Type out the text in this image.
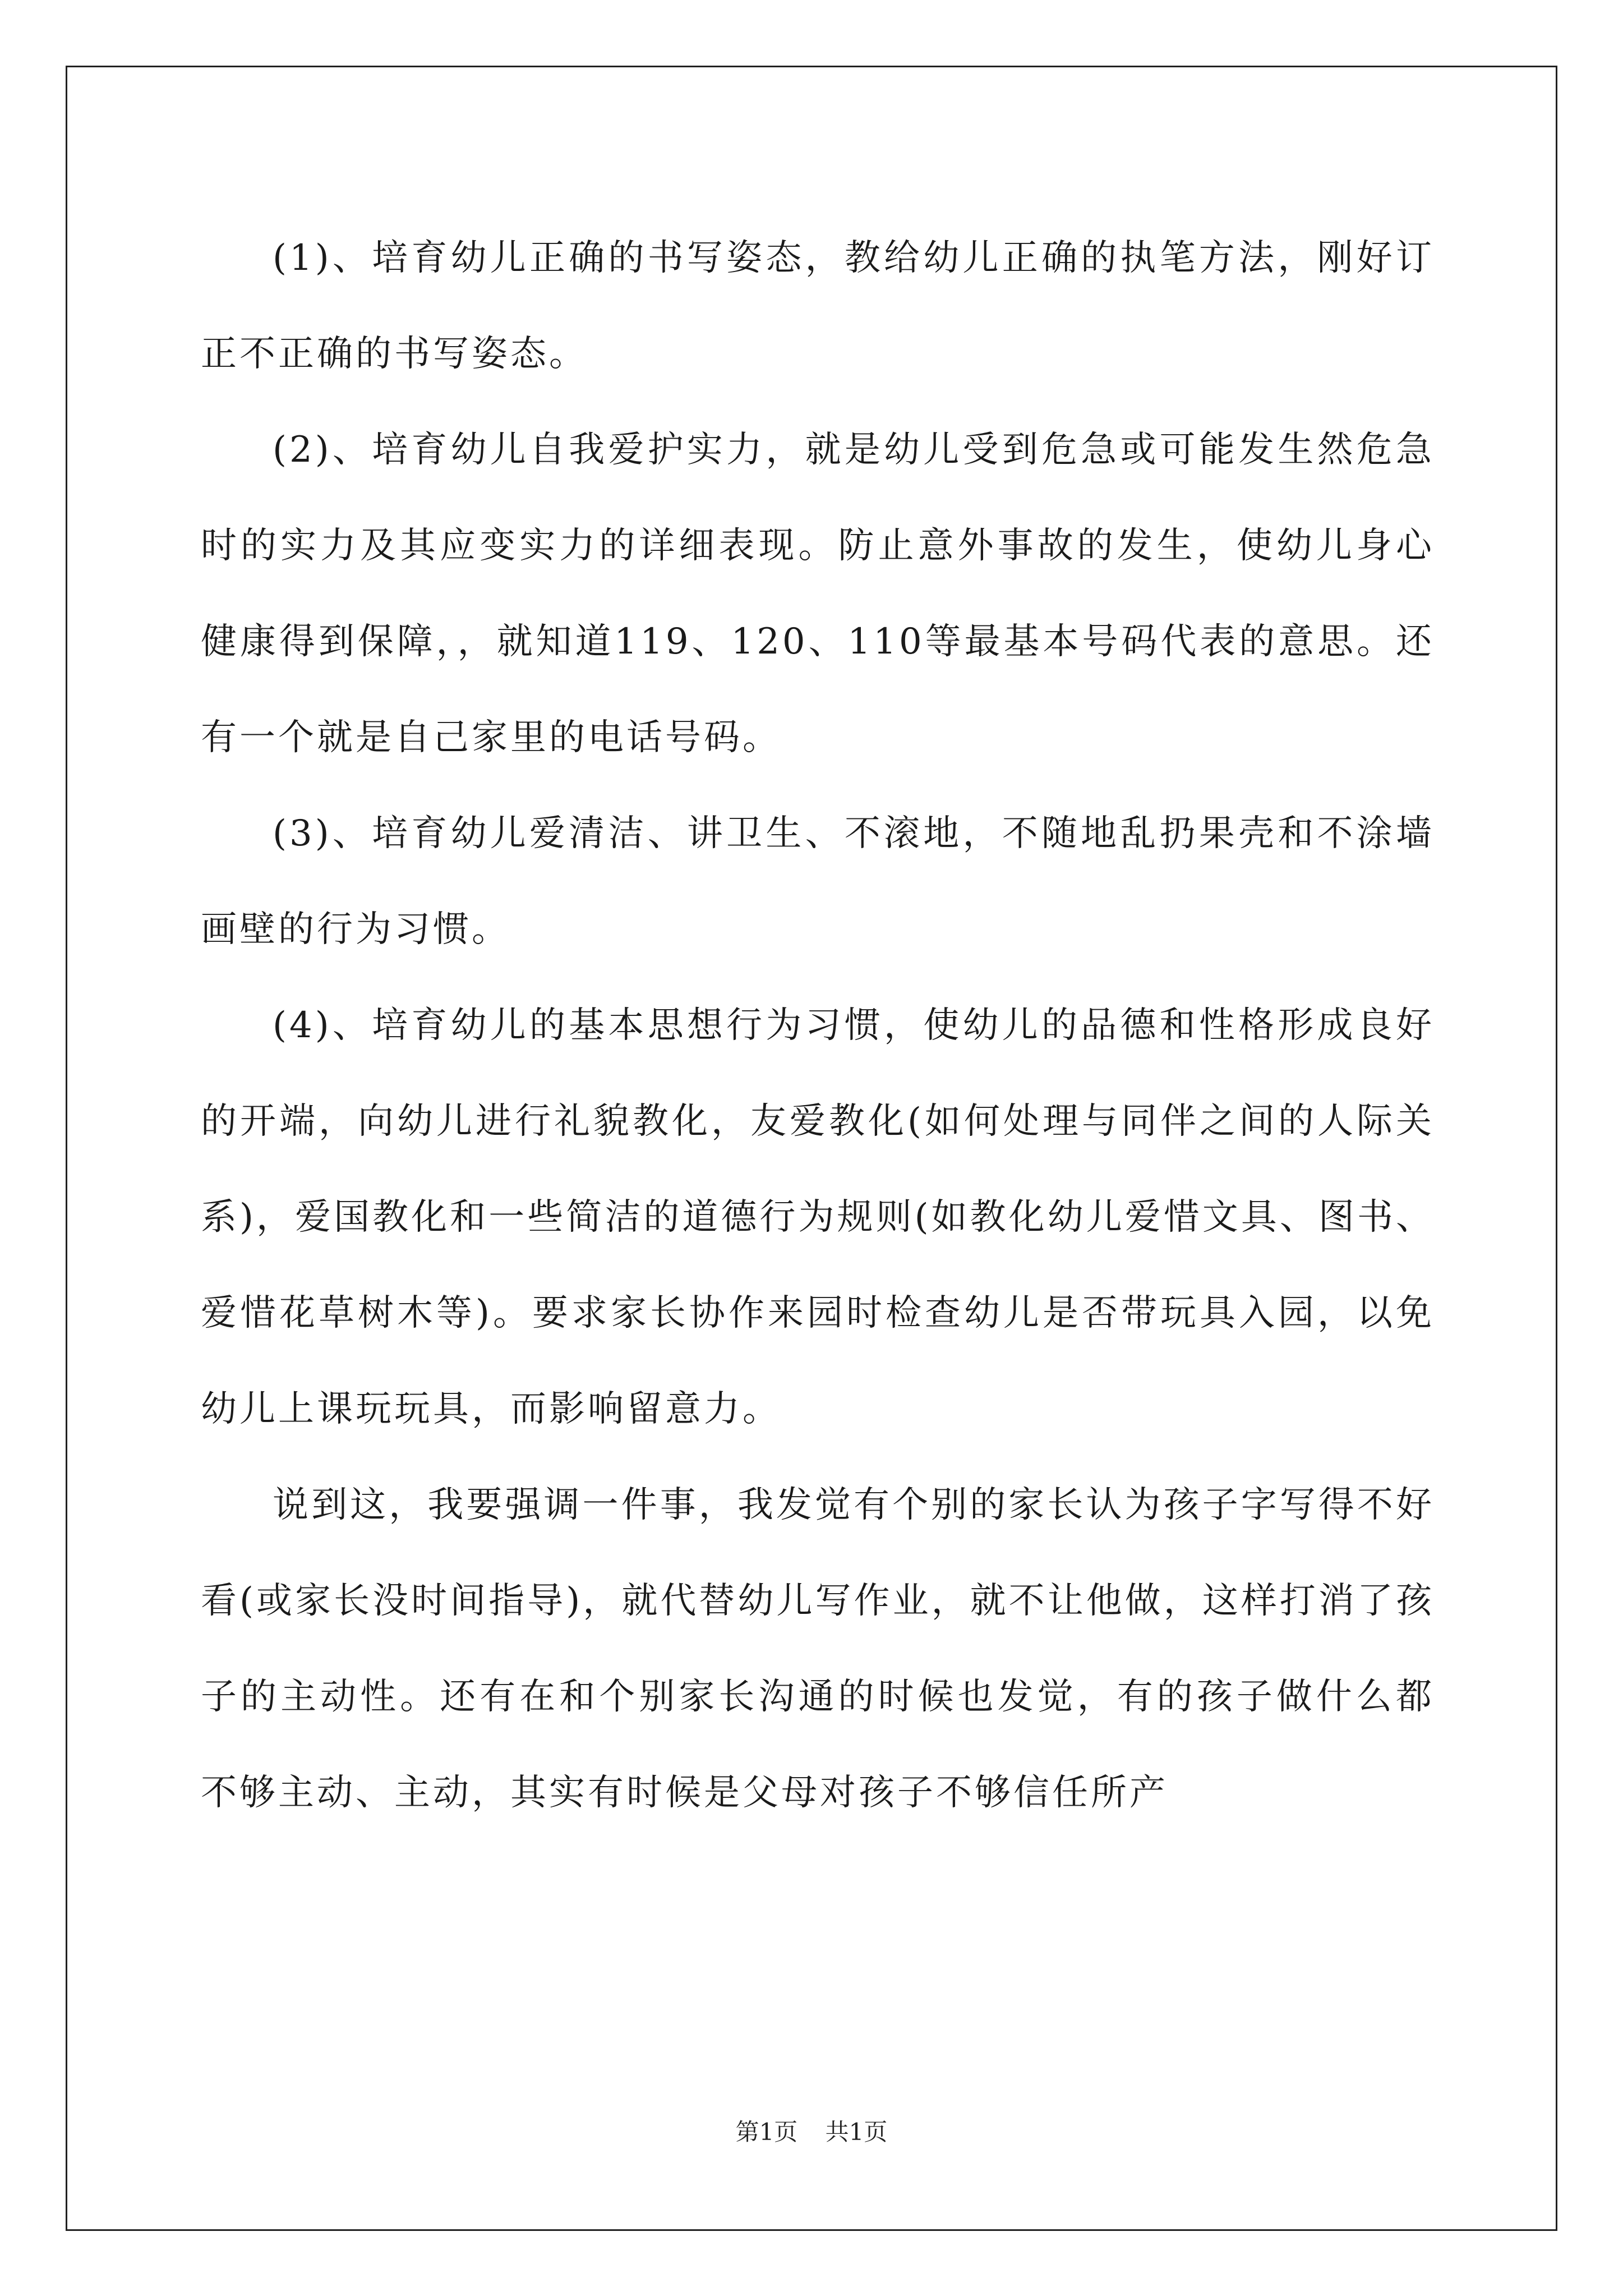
(1)、培育幼儿正确的书写姿态，教给幼儿正确的执笔方法，刚好订正不正确的书写姿态。

(2)、培育幼儿自我爱护实力，就是幼儿受到危急或可能发生然危急时的实力及其应变实力的详细表现。防止意外事故的发生，使幼儿身心健康得到保障，，就知道119、120、110等最基本号码代表的意思。还有一个就是自己家里的电话号码。

(3)、培育幼儿爱清洁、讲卫生、不滚地，不随地乱扔果壳和不涂墙画壁的行为习惯。

(4)、培育幼儿的基本思想行为习惯，使幼儿的品德和性格形成良好的开端，向幼儿进行礼貌教化，友爱教化(如何处理与同伴之间的人际关系)，爱国教化和一些简洁的道德行为规则(如教化幼儿爱惜文具、图书、爱惜花草树木等)。要求家长协作来园时检查幼儿是否带玩具入园，以免幼儿上课玩玩具，而影响留意力。

说到这，我要强调一件事，我发觉有个别的家长认为孩子字写得不好看(或家长没时间指导)，就代替幼儿写作业，就不让他做，这样打消了孩子的主动性。还有在和个别家长沟通的时候也发觉，有的孩子做什么都不够主动、主动，其实有时候是父母对孩子不够信任所产

第1页 共1页
